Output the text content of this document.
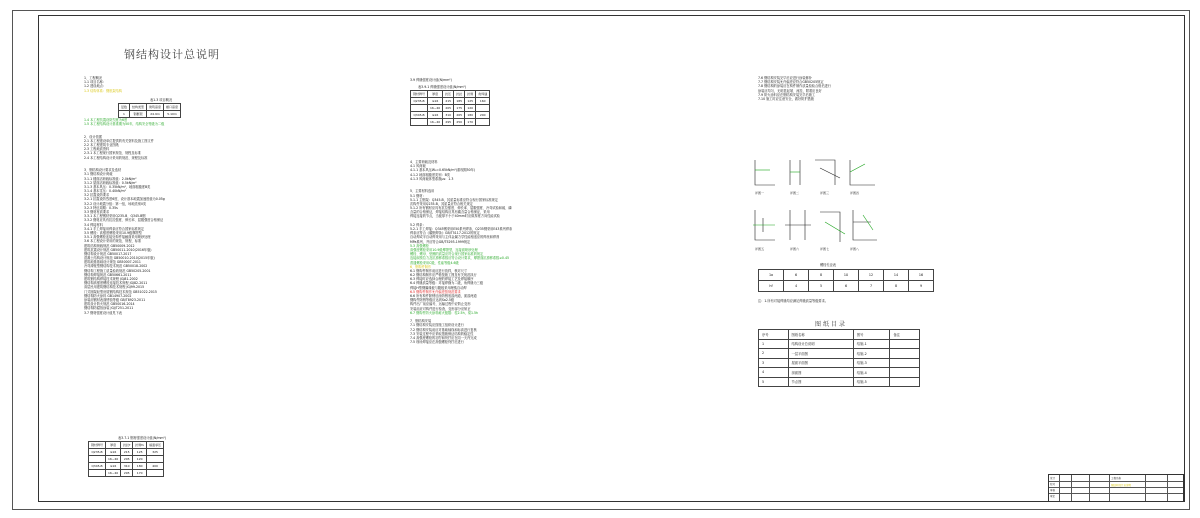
钢结构设计总说明
1、工程概况
1.1 项目名称：
1.2 建设地点：
1.3 结构体系：钢框架结构
1.4 本工程抗震设防烈度为6度
1.5 本工程结构设计基准期为50年，结构安全等级为二级
2、设计依据
2.1 本工程建设单位提供的有关资料及施工图文件
2.2 本工程建筑专业图纸
2.3 工程地质资料
2.3.1 本工程现行国家规范、规程及标准
2.4 本工程结构设计采用的规范、规程及标准
3、钢结构设计要求及选材
3.1 钢结构设计荷载
3.1.1 楼面活荷载标准值：2.0kN/m²
3.1.2 屋面活荷载标准值：0.5kN/m²
3.1.3 基本风压：0.35kN/m²，地面粗糙度B类
3.1.4 基本雪压：0.40kN/m²
3.2 抗震设防要求
3.2.1 抗震设防烈度6度，设计基本地震加速度值为0.05g
3.2.2 设计地震分组：第一组，场地类别II类
3.2.3 特征周期：0.35s
3.3 钢材材质要求
3.3.1 本工程钢材采用Q235-B、Q345-B钢
3.3.2 钢材应具有抗拉强度、伸长率、屈服强度合格保证
3.4 焊接材料
3.4.1 手工焊接用焊条应符合国家标准规定
3.5 螺栓：高强度螺栓采用10.9级摩擦型
3.5.1 高强螺栓连接处构件接触面采用喷砂处理
3.6 本工程设计采用的规范、规程、标准
建筑结构荷载规范 GB50009-2012
建筑抗震设计规范 GB50011-2010(2016年版)
钢结构设计规范 GB50017-2017
混凝土结构设计规范 GB50010-2010(2015年版)
建筑地基基础设计规范 GB50007-2011
冷弯薄壁型钢结构技术规范 GB50018-2002
钢结构工程施工质量验收规范 GB50205-2001
钢结构焊接规范 GB50661-2011
建筑钢结构焊接技术规程 JGJ81-2002
钢结构高强度螺栓连接技术规程 JGJ82-2011
高层民用建筑钢结构技术规程 JGJ99-2015
门式刚架轻型房屋钢结构技术规范 GB51022-2015
钢结构防火涂料 GB14907-2002
涂装前钢材表面锈蚀等级 GB/T8923-2011
建筑设计防火规范 GB50016-2014
钢结构防腐蚀涂装 JGJ/T251-2011
3.7 钢材强度设计值见下表
4、主要荷载及材料
4.1 风荷载
4.1.1 基本风压W₀=0.65kN/m²(重现期50年)
4.1.2 地面粗糙度类别：B类
4.1.3 风荷载体型系数μs：1.3
5、主要材料选用
5.1 钢材：
5.1.1 主钢架：Q345-B，其质量标准应符合现行国家标准规定
次构件采用Q235-B，其质量应符合相关规定
5.1.2 所有钢材应具有抗拉强度、伸长率、屈服强度、冷弯试验和硫、磷
含量的合格保证，焊接结构应具有碳含量合格保证，采用
焊接连接的节点，当板厚不小于40mm时应做厚度方向性能试验
5.2 焊条：
5.2.1 手工焊接：Q345钢采用E50系列焊条，Q235钢采用E43系列焊条
焊条应符合《碳钢焊条》GB/T5117-2012的规定
自动焊或半自动焊采用与主体金属力学性能相适应的焊丝和焊剂
MPa系列，并应符合GB/T5293-1999规定
5.3 高强螺栓
高强度螺栓采用10.9级摩擦型，连接面喷砂处理
螺栓、螺母、垫圈的质量应符合现行国家标准的规定
连接副预拉力及抗滑移系数应符合设计要求，摩擦面抗滑移系数≥0.45
普通螺栓采用C级，性能等级4.6级
6、钢构件制作
6.1 钢构件制作前应进行放样，核对尺寸
6.2 钢结构制作应严格按施工图及有关规范执行
6.3 焊接时应选择合理的焊接工艺及焊接顺序
6.4 焊缝质量等级：对接焊缝为二级，角焊缝为三级
焊接H型钢翼缘板与腹板采用埋弧自动焊
6.5 钢构件制作允许偏差按规范要求
6.6 所有构件除锈后涂防锈底漆两道，面漆两道
钢构件除锈等级应达到Sa2.5级
构件出厂前应编号，运输过程中应防止变形
安装前应对构件进行检查，变形部分应矫正
6.7 钢构件防火涂料耐火极限：柱2.5h，梁1.5h
7、钢结构安装
7.1 钢结构安装应按施工组织设计进行
7.2 钢结构安装前应对基础轴线和标高进行复核
7.3 安装过程中应采取措施保证结构的稳定性
7.4 高强度螺栓的初拧和终拧应在同一天内完成
7.5 现场焊接应在高强螺栓终拧后进行
7.6 钢结构安装完毕后应进行涂装修补
7.7 钢结构安装允许偏差应符合GB50205规定
7.8 钢结构的涂装应在构件制作质量检验合格后进行
涂装应均匀，无明显起皱、流挂，附着应良好
7.9 防火涂料应在钢结构安装完毕后施工
7.10 施工时应注意安全，做好防护措施
表1.3 项目概况
层数	结构类型	建筑高度	檐口高度
1	钢框架	24.9m	5.10m
表3.7.1 钢材强度设计值(N/mm²)
钢材牌号	厚度	抗拉f	抗剪fv	端面承压
Q235-B	≤16	215	125	325
	16~40	205	120	
Q345-B	≤16	310	180	400
	16~40	295	170	
3.9 焊缝强度设计值(N/mm²)
表3.9.1 焊缝强度设计值(N/mm²)
钢材牌号	厚度	抗压	抗拉	抗剪	角焊缝
Q235-B	≤16	215	185	125	160
	16~40	205	175	120	
Q345-B	≤16	310	265	180	200
	16~40	295	250	170	
详图一	详图二	详图三	详图四
详图五	详图六	详图七	详图八
螺栓孔径表
1a	6	8	10	12	14	16
hf	4	5	6	7	8	9
注：1.所有对接焊缝均应满足焊缝质量等级要求。
图纸目录
序号	图纸名称	图号	备注
1	结构设计总说明	结施-1	
2	一层平面图	结施-2	
3	屋面平面图	结施-3	
4	剖面图	结施-4	
5	节点图	结施-5	
工程名称
钢结构设计总说明
设计
校对
审核
审定
